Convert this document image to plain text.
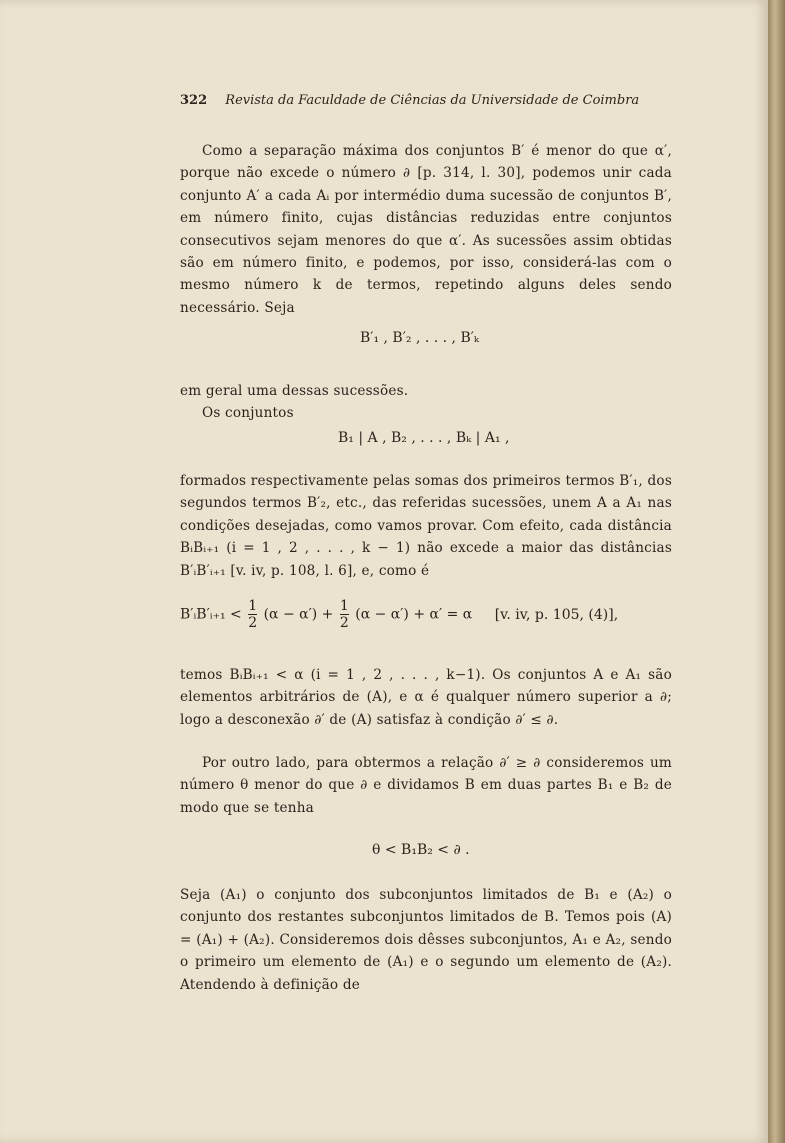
322 Revista da Faculdade de Ciências da Universidade de Coimbra

Como a separação máxima dos conjuntos B′ é menor do que α′, porque não excede o número ∂ [p. 314, l. 30], podemos unir cada conjunto A′ a cada Aᵢ por intermédio duma sucessão de conjuntos B′, em número finito, cujas distâncias reduzidas entre conjuntos consecutivos sejam menores do que α′. As sucessões assim obtidas são em número finito, e podemos, por isso, considerá-las com o mesmo número k de termos, repetindo alguns deles sendo necessário. Seja

B′₁ , B′₂ , . . . , B′ₖ

em geral uma dessas sucessões.

Os conjuntos

B₁ | A , B₂ , . . . , Bₖ | A₁ ,

formados respectivamente pelas somas dos primeiros termos B′₁, dos segundos termos B′₂, etc., das referidas sucessões, unem A a A₁ nas condições desejadas, como vamos provar. Com efeito, cada distância BᵢBᵢ₊₁ (i = 1 , 2 , . . . , k − 1) não excede a maior das distâncias B′ᵢB′ᵢ₊₁ [v. iv, p. 108, l. 6], e, como é

B′ᵢB′ᵢ₊₁ < $\frac{1}{2} (\alpha - \alpha') + \frac{1}{2} (\alpha - \alpha') + \alpha' = \alpha$ [v. iv, p. 105, (4)],

temos BᵢBᵢ₊₁ < α (i = 1 , 2 , . . . , k−1). Os conjuntos A e A₁ são elementos arbitrários de (A), e α é qualquer número superior a ∂; logo a desconexão ∂′ de (A) satisfaz à condição ∂′ ≤ ∂.

Por outro lado, para obtermos a relação ∂′ ≥ ∂ consideremos um número θ menor do que ∂ e dividamos B em duas partes B₁ e B₂ de modo que se tenha

θ < B₁B₂ < ∂ .

Seja (A₁) o conjunto dos subconjuntos limitados de B₁ e (A₂) o conjunto dos restantes subconjuntos limitados de B. Temos pois (A) = (A₁) + (A₂). Consideremos dois dêsses subconjuntos, A₁ e A₂, sendo o primeiro um elemento de (A₁) e o segundo um elemento de (A₂). Atendendo à definição de
